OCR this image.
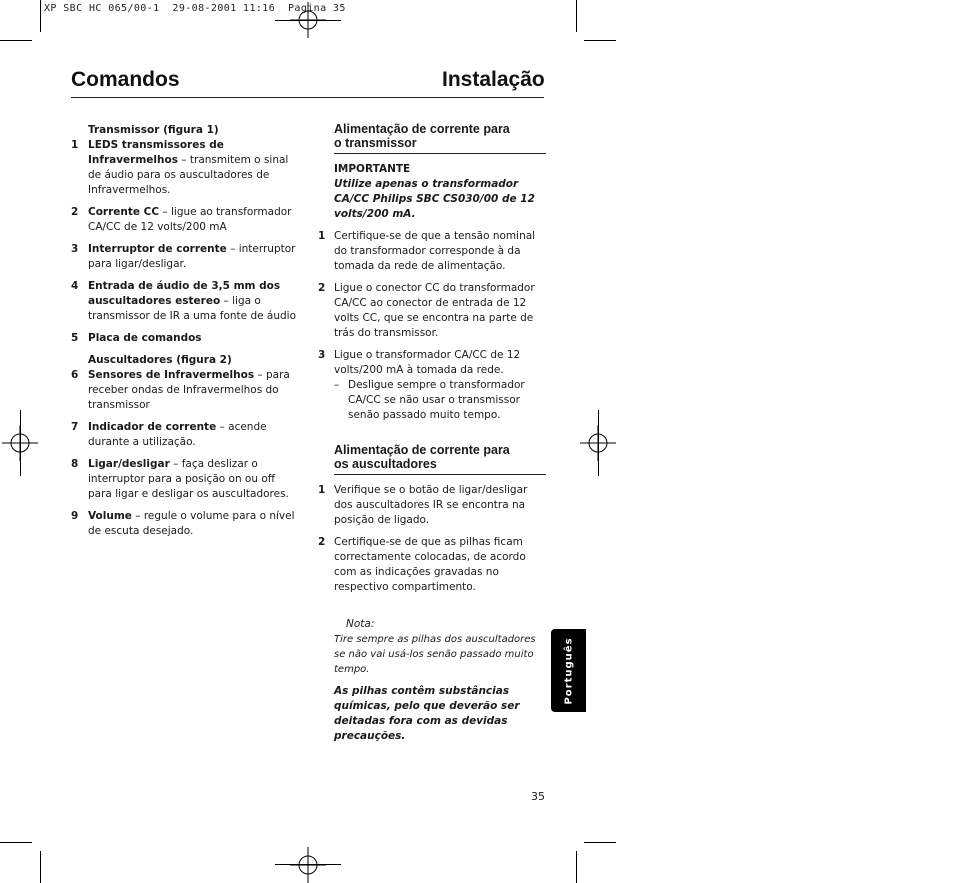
XP SBC HC 065/00-1  29-08-2001 11:16  Pagina 35
Comandos	Instalação
Transmissor (figura 1)
1 LEDS transmissores de Infravermelhos – transmitem o sinal de áudio para os auscultadores de Infravermelhos.
2 Corrente CC – ligue ao transformador CA/CC de 12 volts/200 mA
3 Interruptor de corrente – interruptor para ligar/desligar.
4 Entrada de áudio de 3,5 mm dos auscultadores estereo – liga o transmissor de IR a uma fonte de áudio
5 Placa de comandos
Auscultadores (figura 2)
6 Sensores de Infravermelhos – para receber ondas de Infravermelhos do transmissor
7 Indicador de corrente – acende durante a utilização.
8 Ligar/desligar – faça deslizar o interruptor para a posição on ou off para ligar e desligar os auscultadores.
9 Volume – regule o volume para o nível de escuta desejado.
Alimentação de corrente para
o transmissor
IMPORTANTE
Utilize apenas o transformador CA/CC Philips SBC CS030/00 de 12 volts/200 mA.
1 Certifique-se de que a tensão nominal do transformador corresponde à da tomada da rede de alimentação.
2 Ligue o conector CC do transformador CA/CC ao conector de entrada de 12 volts CC, que se encontra na parte de trás do transmissor.
3 Ligue o transformador CA/CC de 12 volts/200 mA à tomada da rede.
– Desligue sempre o transformador CA/CC se não usar o transmissor senão passado muito tempo.
Alimentação de corrente para
os auscultadores
1 Verifique se o botão de ligar/desligar dos auscultadores IR se encontra na posição de ligado.
2 Certifique-se de que as pilhas ficam correctamente colocadas, de acordo com as indicações gravadas no respectivo compartimento.
Nota:
Tire sempre as pilhas dos auscultadores se não vai usá-los senão passado muito tempo.
As pilhas contêm substâncias químicas, pelo que deverão ser deitadas fora com as devidas precauções.
Português
35
